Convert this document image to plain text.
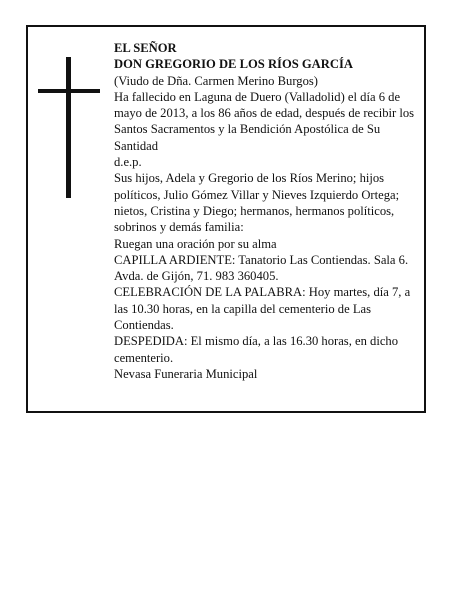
EL SEÑOR

DON GREGORIO DE LOS RÍOS GARCÍA

(Viudo de Dña. Carmen Merino Burgos)

Ha fallecido en Laguna de Duero (Valladolid) el día 6 de mayo de 2013, a los 86 años de edad, después de recibir los Santos Sacramentos y la Bendición Apostólica de Su Santidad

d.e.p.

Sus hijos, Adela y Gregorio de los Ríos Merino; hijos políticos, Julio Gómez Villar y Nieves Izquierdo Ortega; nietos, Cristina y Diego; hermanos, hermanos políticos, sobrinos y demás familia:

Ruegan una oración por su alma

CAPILLA ARDIENTE: Tanatorio Las Contiendas. Sala 6. Avda. de Gijón, 71. 983 360405.

CELEBRACIÓN DE LA PALABRA: Hoy martes, día 7, a las 10.30 horas, en la capilla del cementerio de Las Contiendas.

DESPEDIDA: El mismo día, a las 16.30 horas, en dicho cementerio.

Nevasa Funeraria Municipal
